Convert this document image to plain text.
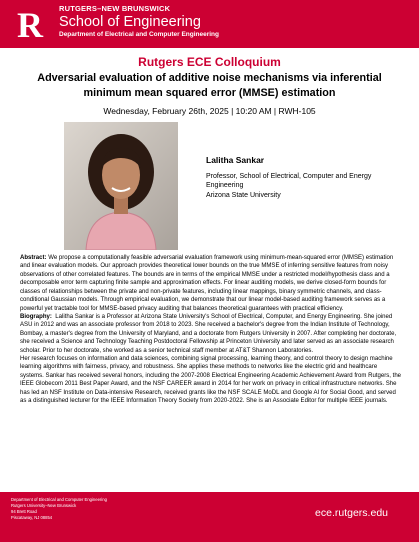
R RUTGERS–NEW BRUNSWICK
School of Engineering
Department of Electrical and Computer Engineering
Rutgers ECE Colloquium
Adversarial evaluation of additive noise mechanisms via inferential minimum mean squared error (MMSE) estimation
Wednesday, February 26th, 2025 | 10:20 AM | RWH-105
Lalitha Sankar
Professor, School of Electrical, Computer and Energy Engineering
Arizona State University

Abstract: We propose a computationally feasible adversarial evaluation framework using minimum-mean-squared error (MMSE) estimation and linear evaluation models. Our approach provides theoretical lower bounds on the true MMSE of inferring sensitive features from noisy observations of other correlated features. The bounds are in terms of the empirical MMSE under a restricted model/hypothesis class and a decomposable error term capturing finite sample and approximation effects. For linear auditing models, we derive closed-form bounds for classes of relationships between the private and non-private features, including linear mappings, binary symmetric channels, and class-conditional Gaussian models. Through empirical evaluation, we demonstrate that our linear model-based auditing framework serves as a powerful yet tractable tool for MMSE-based privacy auditing that balances theoretical guarantees with practical efficiency.

Biography: Lalitha Sankar is a Professor at Arizona State University's School of Electrical, Computer, and Energy Engineering. She joined ASU in 2012 and was an associate professor from 2018 to 2023. She received a bachelor's degree from the Indian Institute of Technology, Bombay, a master's degree from the University of Maryland, and a doctorate from Rutgers University in 2007. After completing her doctorate, she received a Science and Technology Teaching Postdoctoral Fellowship at Princeton University and later served as an associate research scholar. Prior to her doctorate, she worked as a senior technical staff member at AT&T Shannon Laboratories.

Her research focuses on information and data sciences, combining signal processing, learning theory, and control theory to design machine learning algorithms with fairness, privacy, and robustness. She applies these methods to networks like the electric grid and healthcare systems. Sankar has received several honors, including the 2007-2008 Electrical Engineering Academic Achievement Award from Rutgers, the IEEE Globecom 2011 Best Paper Award, and the NSF CAREER award in 2014 for her work on privacy in critical infrastructure networks. She has led an NSF Institute on Data-intensive Research, received grants like the NSF SCALE MoDL and Google AI for Social Good, and served as a distinguished lecturer for the IEEE Information Theory Society from 2020-2022. She is an Associate Editor for multiple IEEE journals.

Department of Electrical and Computer Engineering
Rutgers University–New Brunswick
94 Brett Road
Piscataway, NJ 08854	ece.rutgers.edu
